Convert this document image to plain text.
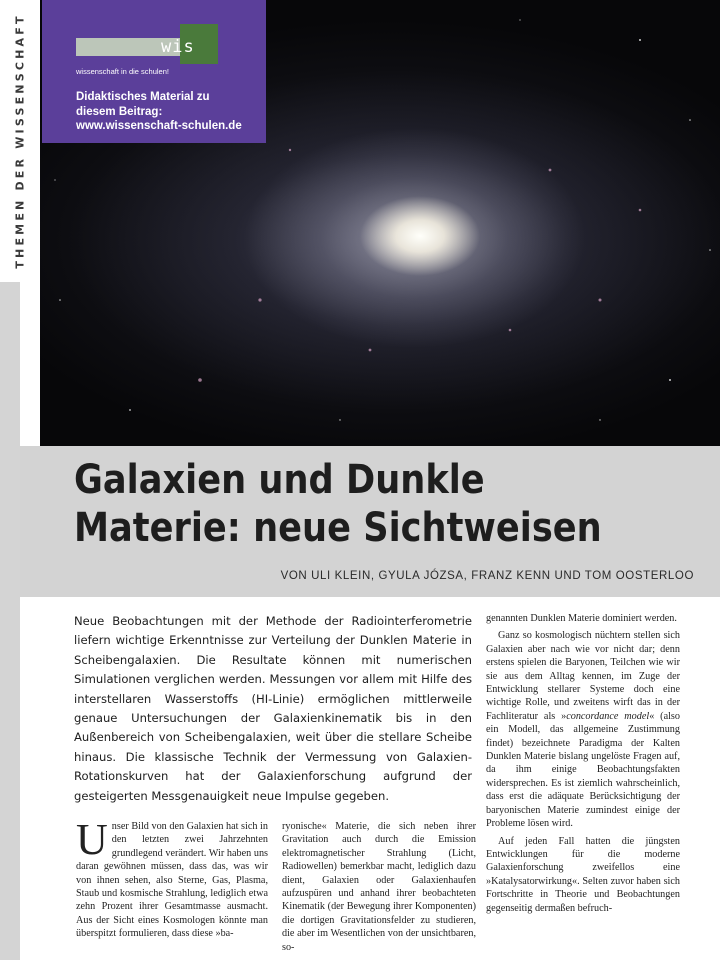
THEMEN DER WISSENSCHAFT	wis
wissenschaft in die schulen!
Didaktisches Material zu
diesem Beitrag:
www.wissenschaft-schulen.de
Galaxien und Dunkle
Materie: neue Sichtweisen
VON ULI KLEIN, GYULA JÓZSA, FRANZ KENN UND TOM OOSTERLOO
Neue Beobachtungen mit der Methode der Radiointerferometrie liefern wichtige Erkenntnisse zur Verteilung der Dunklen Materie in Scheibengalaxien. Die Resultate können mit numerischen Simulationen verglichen werden. Messungen vor allem mit Hilfe des interstellaren Wasserstoffs (HI-Linie) ermöglichen mittlerweile genaue Untersuchungen der Galaxienkinematik bis in den Außenbereich von Scheibengalaxien, weit über die stellare Scheibe hinaus. Die klassische Technik der Vermessung von Galaxien-Rotationskurven hat der Galaxienforschung aufgrund der gesteigerten Messgenauigkeit neue Impulse gegeben.
U nser Bild von den Galaxien hat sich in den letzten zwei Jahrzehnten grundlegend verändert. Wir haben uns daran gewöhnen müssen, dass das, was wir von ihnen sehen, also Sterne, Gas, Plasma, Staub und kosmische Strahlung, lediglich etwa zehn Prozent ihrer Gesamtmasse ausmacht. Aus der Sicht eines Kosmologen könnte man überspitzt formulieren, dass diese »ba-

ryonische« Materie, die sich neben ihrer Gravitation auch durch die Emission elektromagnetischer Strahlung (Licht, Radiowellen) bemerkbar macht, lediglich dazu dient, Galaxien oder Galaxienhaufen aufzuspüren und anhand ihrer beobachteten Kinematik (der Bewegung ihrer Komponenten) die dortigen Gravitationsfelder zu studieren, die aber im Wesentlichen von der unsichtbaren, so-

genannten Dunklen Materie dominiert werden.

Ganz so kosmologisch nüchtern stellen sich Galaxien aber nach wie vor nicht dar; denn erstens spielen die Baryonen, Teilchen wie wir sie aus dem Alltag kennen, im Zuge der Entwicklung stellarer Systeme doch eine wichtige Rolle, und zweitens wirft das in der Fachliteratur als »concordance model« (also ein Modell, das allgemeine Zustimmung findet) bezeichnete Paradigma der Kalten Dunklen Materie bislang ungelöste Fragen auf, da ihm einige Beobachtungsfakten widersprechen. Es ist ziemlich wahrscheinlich, dass erst die adäquate Berücksichtigung der baryonischen Materie zumindest einige der Probleme lösen wird.

Auf jeden Fall hatten die jüngsten Entwicklungen für die moderne Galaxienforschung zweifellos eine »Katalysatorwirkung«. Selten zuvor haben sich Fortschritte in Theorie und Beobachtungen gegenseitig dermaßen befruch-
